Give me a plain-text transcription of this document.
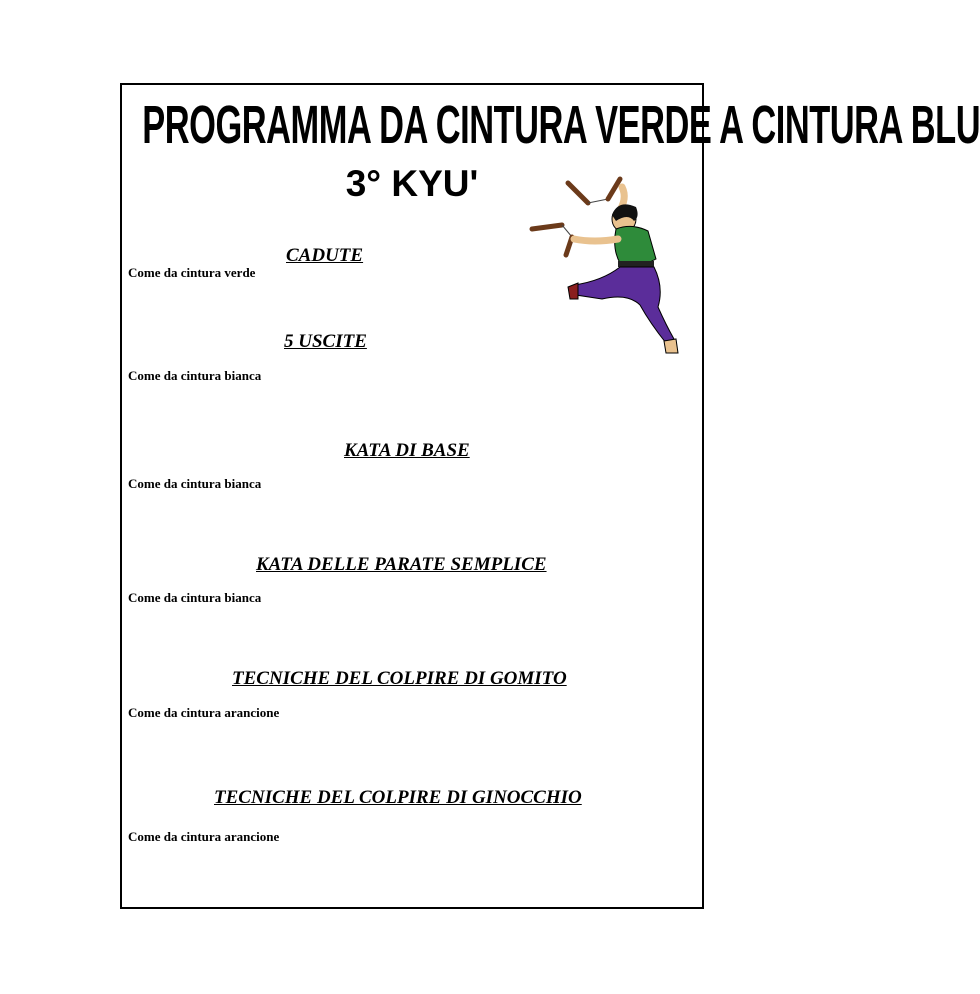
PROGRAMMA DA CINTURA VERDE A CINTURA BLU
3° KYU'

CADUTE

Come da cintura verde

5 USCITE

Come da cintura bianca

KATA DI BASE

Come da cintura bianca

KATA DELLE PARATE SEMPLICE

Come da cintura bianca

TECNICHE DEL COLPIRE DI GOMITO

Come da cintura arancione

TECNICHE DEL COLPIRE DI GINOCCHIO

Come da cintura arancione
